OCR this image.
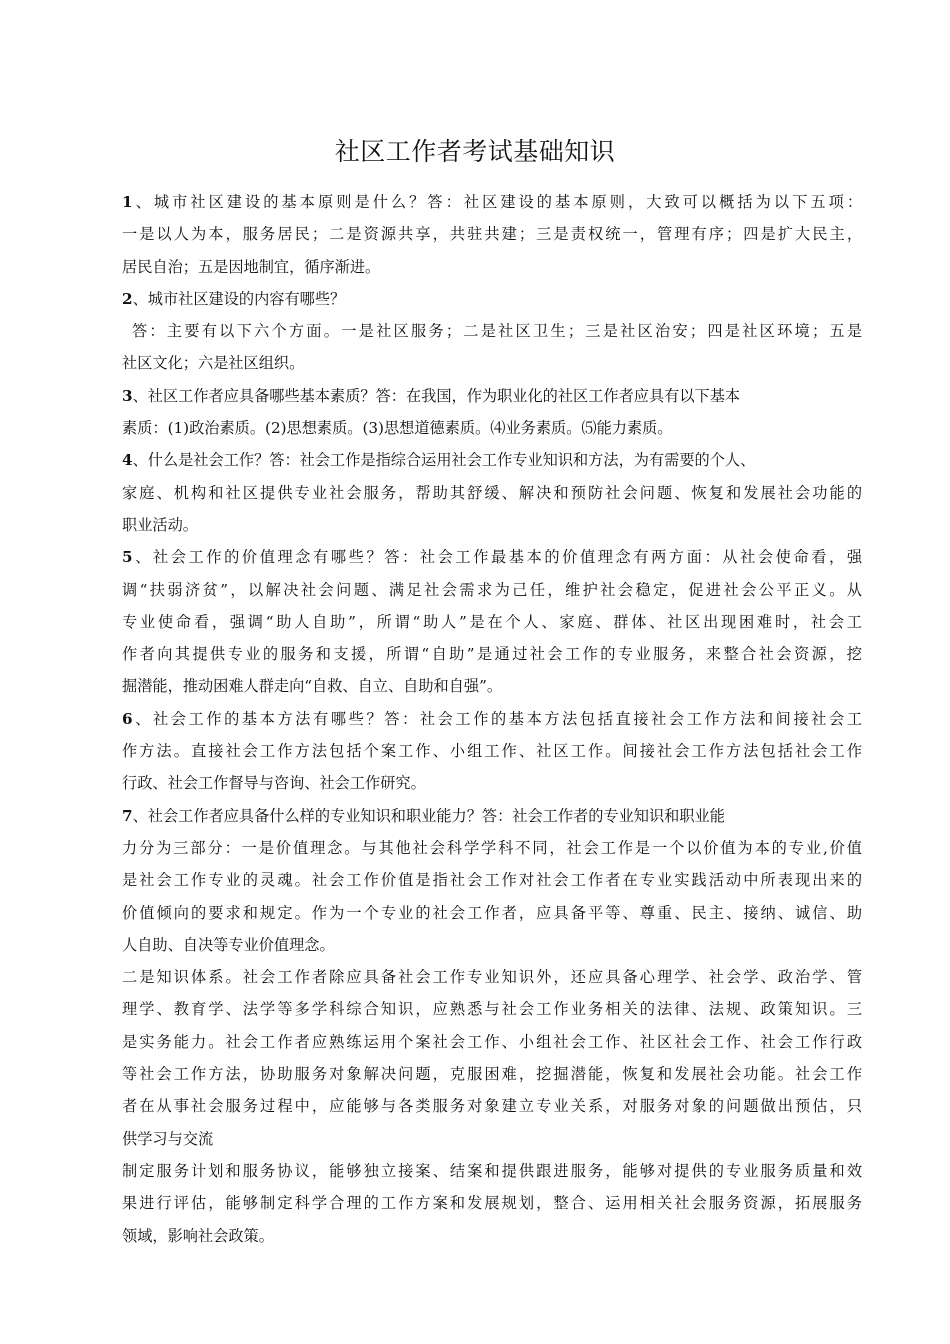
社区工作者考试基础知识
1、城市社区建设的基本原则是什么？答：社区建设的基本原则，大致可以概括为以下五项：
一是以人为本，服务居民；二是资源共享，共驻共建；三是责权统一，管理有序；四是扩大民主，
居民自治；五是因地制宜，循序渐进。
2、城市社区建设的内容有哪些？
答：主要有以下六个方面。一是社区服务；二是社区卫生；三是社区治安；四是社区环境；五是
社区文化；六是社区组织。
3、社区工作者应具备哪些基本素质？答：在我国，作为职业化的社区工作者应具有以下基本
素质：(1)政治素质。(2)思想素质。(3)思想道德素质。⑷业务素质。⑸能力素质。
4、什么是社会工作？答：社会工作是指综合运用社会工作专业知识和方法，为有需要的个人、
家庭、机构和社区提供专业社会服务，帮助其舒缓、解决和预防社会问题、恢复和发展社会功能的
职业活动。
5、社会工作的价值理念有哪些？答：社会工作最基本的价值理念有两方面：从社会使命看，强
调“扶弱济贫”，以解决社会问题、满足社会需求为己任，维护社会稳定，促进社会公平正义。从
专业使命看，强调“助人自助”，所谓“助人”是在个人、家庭、群体、社区出现困难时，社会工
作者向其提供专业的服务和支援，所谓“自助”是通过社会工作的专业服务，来整合社会资源，挖
掘潜能，推动困难人群走向“自救、自立、自助和自强”。
6、社会工作的基本方法有哪些？答：社会工作的基本方法包括直接社会工作方法和间接社会工
作方法。直接社会工作方法包括个案工作、小组工作、社区工作。间接社会工作方法包括社会工作
行政、社会工作督导与咨询、社会工作研究。
7、社会工作者应具备什么样的专业知识和职业能力？答：社会工作者的专业知识和职业能
力分为三部分：一是价值理念。与其他社会科学学科不同，社会工作是一个以价值为本的专业,价值
是社会工作专业的灵魂。社会工作价值是指社会工作对社会工作者在专业实践活动中所表现出来的
价值倾向的要求和规定。作为一个专业的社会工作者，应具备平等、尊重、民主、接纳、诚信、助
人自助、自决等专业价值理念。
二是知识体系。社会工作者除应具备社会工作专业知识外，还应具备心理学、社会学、政治学、管
理学、教育学、法学等多学科综合知识，应熟悉与社会工作业务相关的法律、法规、政策知识。三
是实务能力。社会工作者应熟练运用个案社会工作、小组社会工作、社区社会工作、社会工作行政
等社会工作方法，协助服务对象解决问题，克服困难，挖掘潜能，恢复和发展社会功能。社会工作
者在从事社会服务过程中，应能够与各类服务对象建立专业关系，对服务对象的问题做出预估，只
供学习与交流
制定服务计划和服务协议，能够独立接案、结案和提供跟进服务，能够对提供的专业服务质量和效
果进行评估，能够制定科学合理的工作方案和发展规划，整合、运用相关社会服务资源，拓展服务
领域，影响社会政策。
